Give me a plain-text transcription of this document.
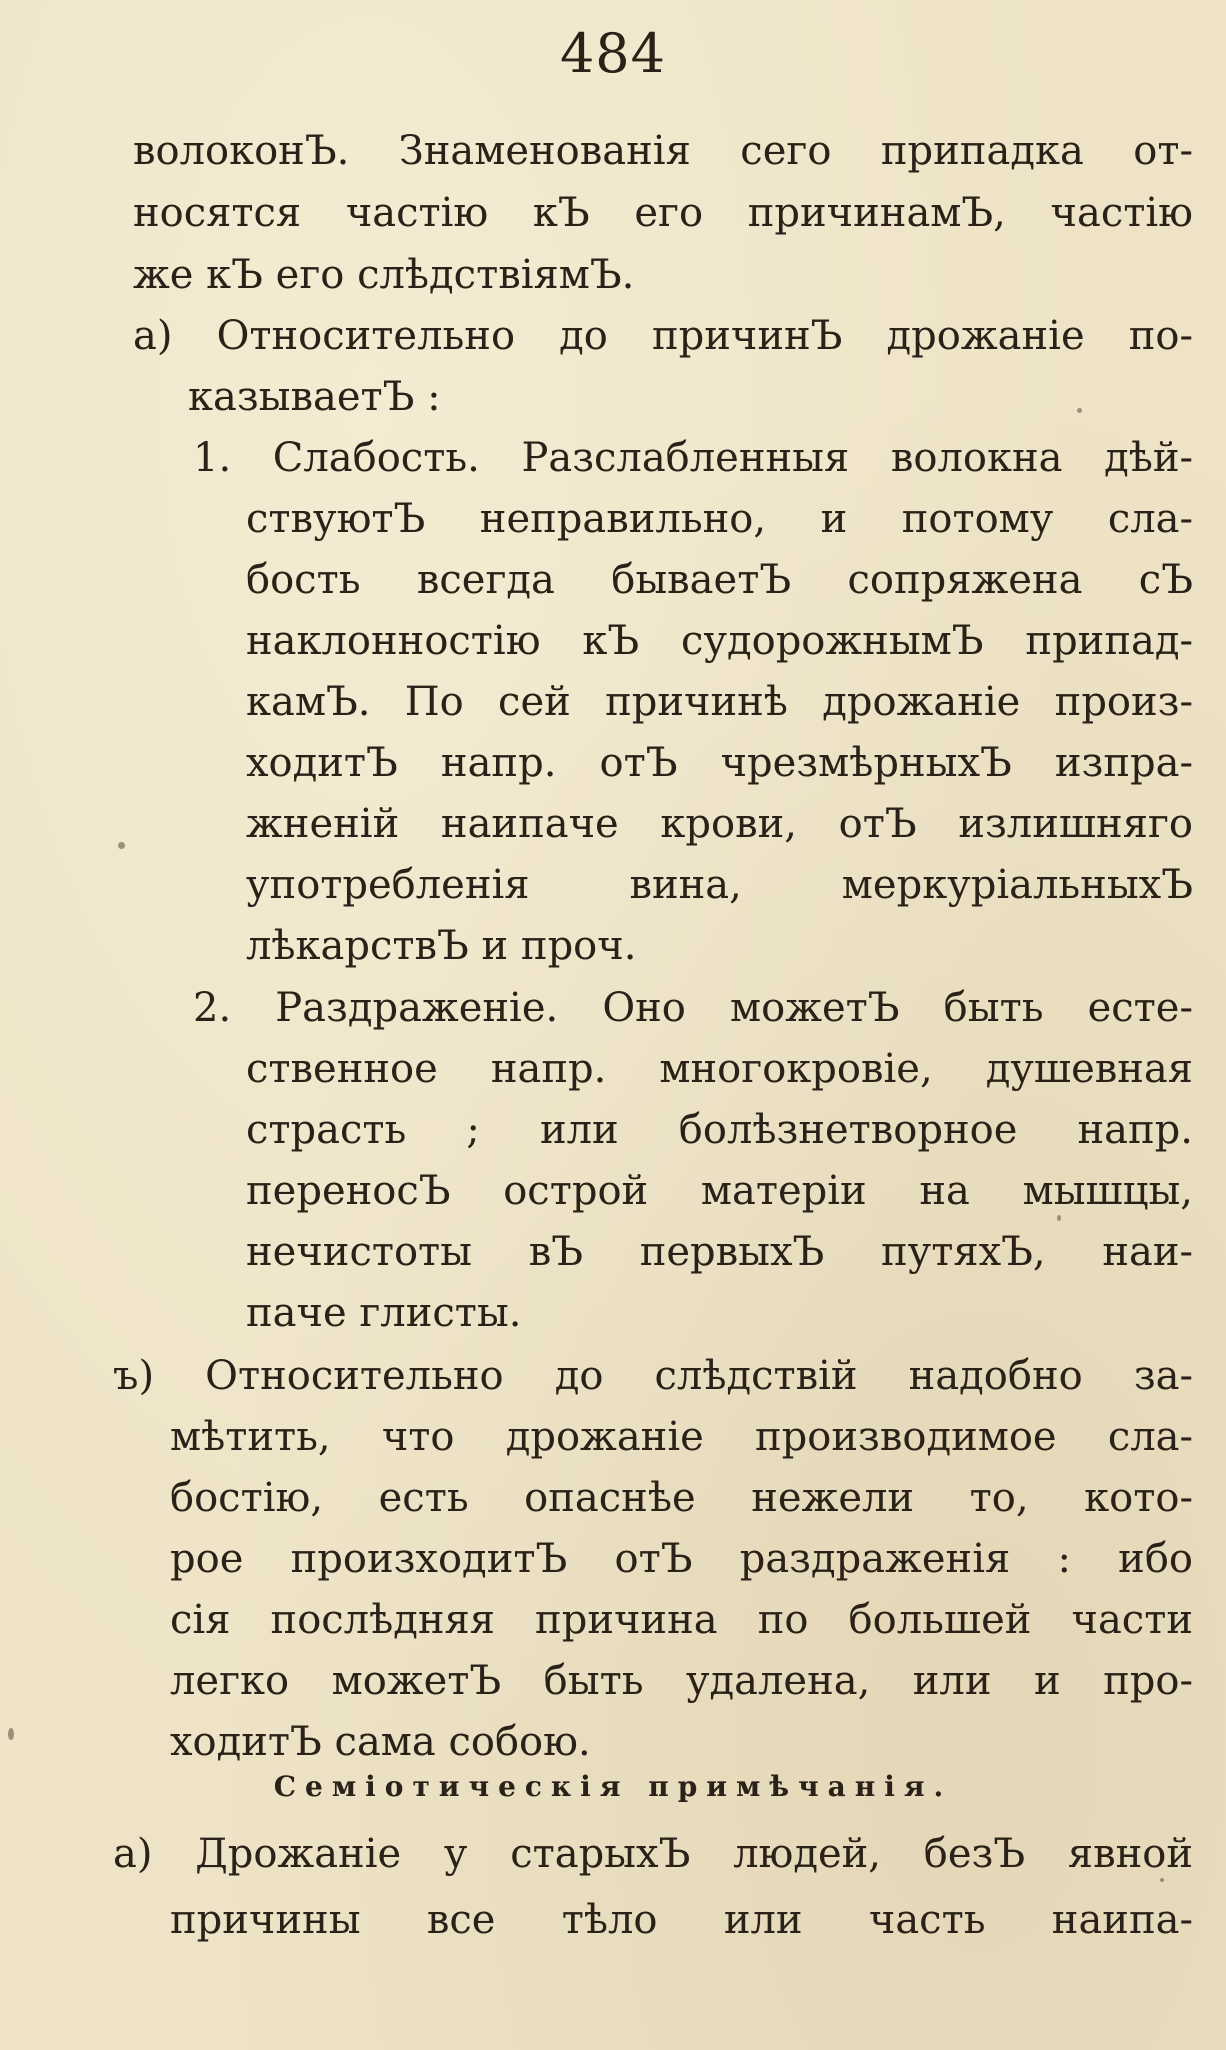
484
волоконЪ. Знаменованія сего припадка от-
носятся частію кЪ его причинамЪ, частію
же кЪ его слѣдствіямЪ.
а) Относительно до причинЪ дрожаніе по-
казываетЪ :
1. Слабость. Разслабленныя волокна дѣй-
ствуютЪ неправильно, и потому сла-
бость всегда бываетЪ сопряжена сЪ
наклонностію кЪ судорожнымЪ припад-
камЪ. По сей причинѣ дрожаніе произ-
ходитЪ напр. отЪ чрезмѣрныхЪ изпра-
жненій наипаче крови, отЪ излишняго
употребленія вина, меркуріальныхЪ
лѣкарствЪ и проч.
2. Раздраженіе. Оно можетЪ быть есте-
ственное напр. многокровіе, душевная
страсть ; или болѣзнетворное напр.
переносЪ острой матеріи на мышцы,
нечистоты вЪ первыхЪ путяхЪ, наи-
паче глисты.
ъ) Относительно до слѣдствій надобно за-
мѣтить, что дрожаніе производимое сла-
бостію, есть опаснѣе нежели то, кото-
рое произходитЪ отЪ раздраженія : ибо
сія послѣдняя причина по большей части
легко можетЪ быть удалена, или и про-
ходитЪ сама собою.
Семіотическія примѣчанія.
а) Дрожаніе у старыхЪ людей, безЪ явной
причины все тѣло или часть наипа-
